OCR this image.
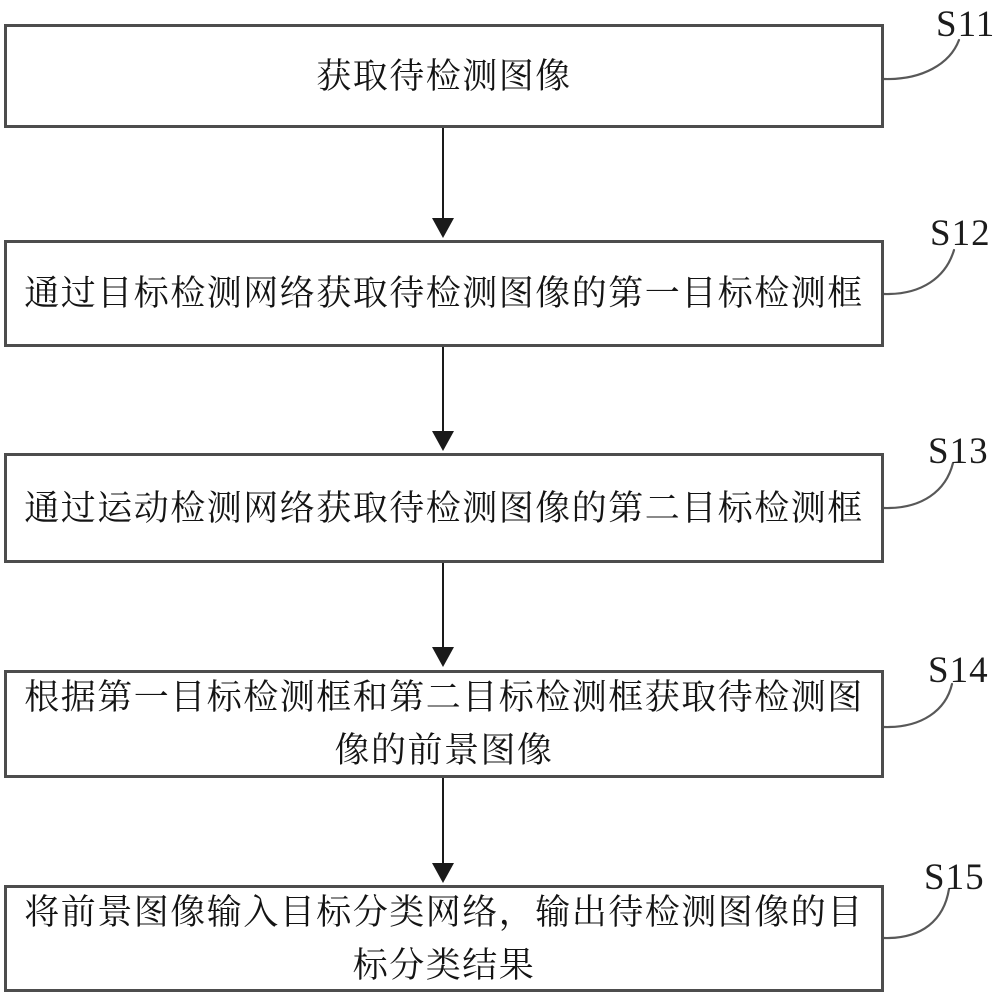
获取待检测图像
通过目标检测网络获取待检测图像的第一目标检测框
通过运动检测网络获取待检测图像的第二目标检测框
根据第一目标检测框和第二目标检测框获取待检测图像的前景图像
将前景图像输入目标分类网络，输出待检测图像的目标分类结果
S11
S12
S13
S14
S15
